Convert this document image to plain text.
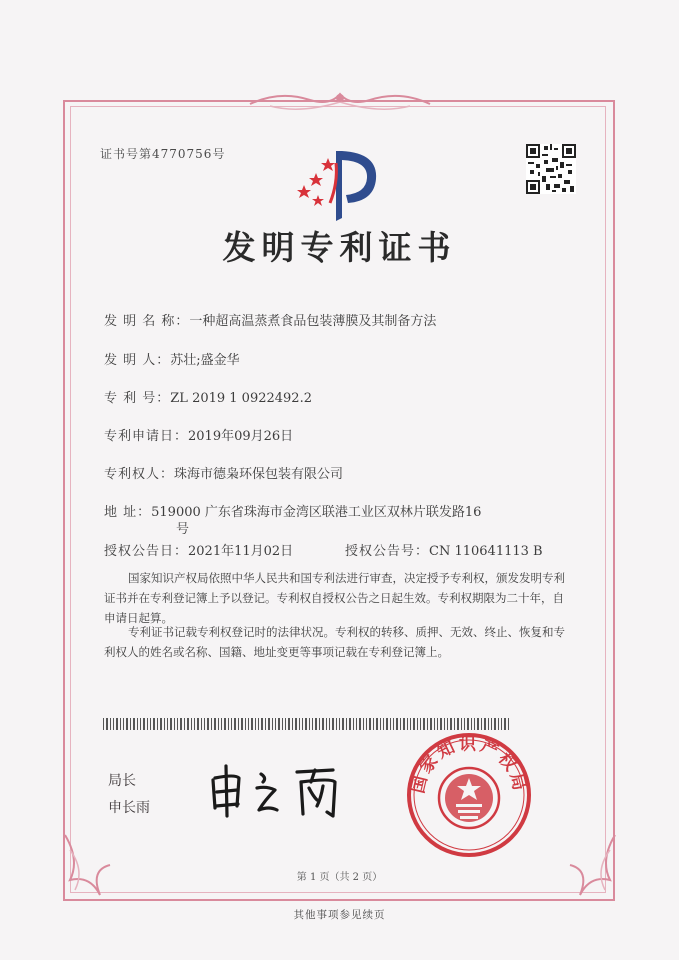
证书号第4770756号
发明专利证书
发 明 名 称：一种超高温蒸煮食品包装薄膜及其制备方法
发 明 人：苏壮;盛金华
专 利 号：ZL 2019 1 0922492.2
专利申请日：2019年09月26日
专利权人：珠海市德枭环保包装有限公司
地 址：519000 广东省珠海市金湾区联港工业区双林片联发路16
号
授权公告日：2021年11月02日	授权公告号：CN 110641113 B
国家知识产权局依照中华人民共和国专利法进行审查，决定授予专利权，颁发发明专利
证书并在专利登记簿上予以登记。专利权自授权公告之日起生效。专利权期限为二十年，自
申请日起算。
专利证书记载专利权登记时的法律状况。专利权的转移、质押、无效、终止、恢复和专
利权人的姓名或名称、国籍、地址变更等事项记载在专利登记簿上。
局长
申长雨
国家知识产权局
第 1 页（共 2 页）
其他事项参见续页
